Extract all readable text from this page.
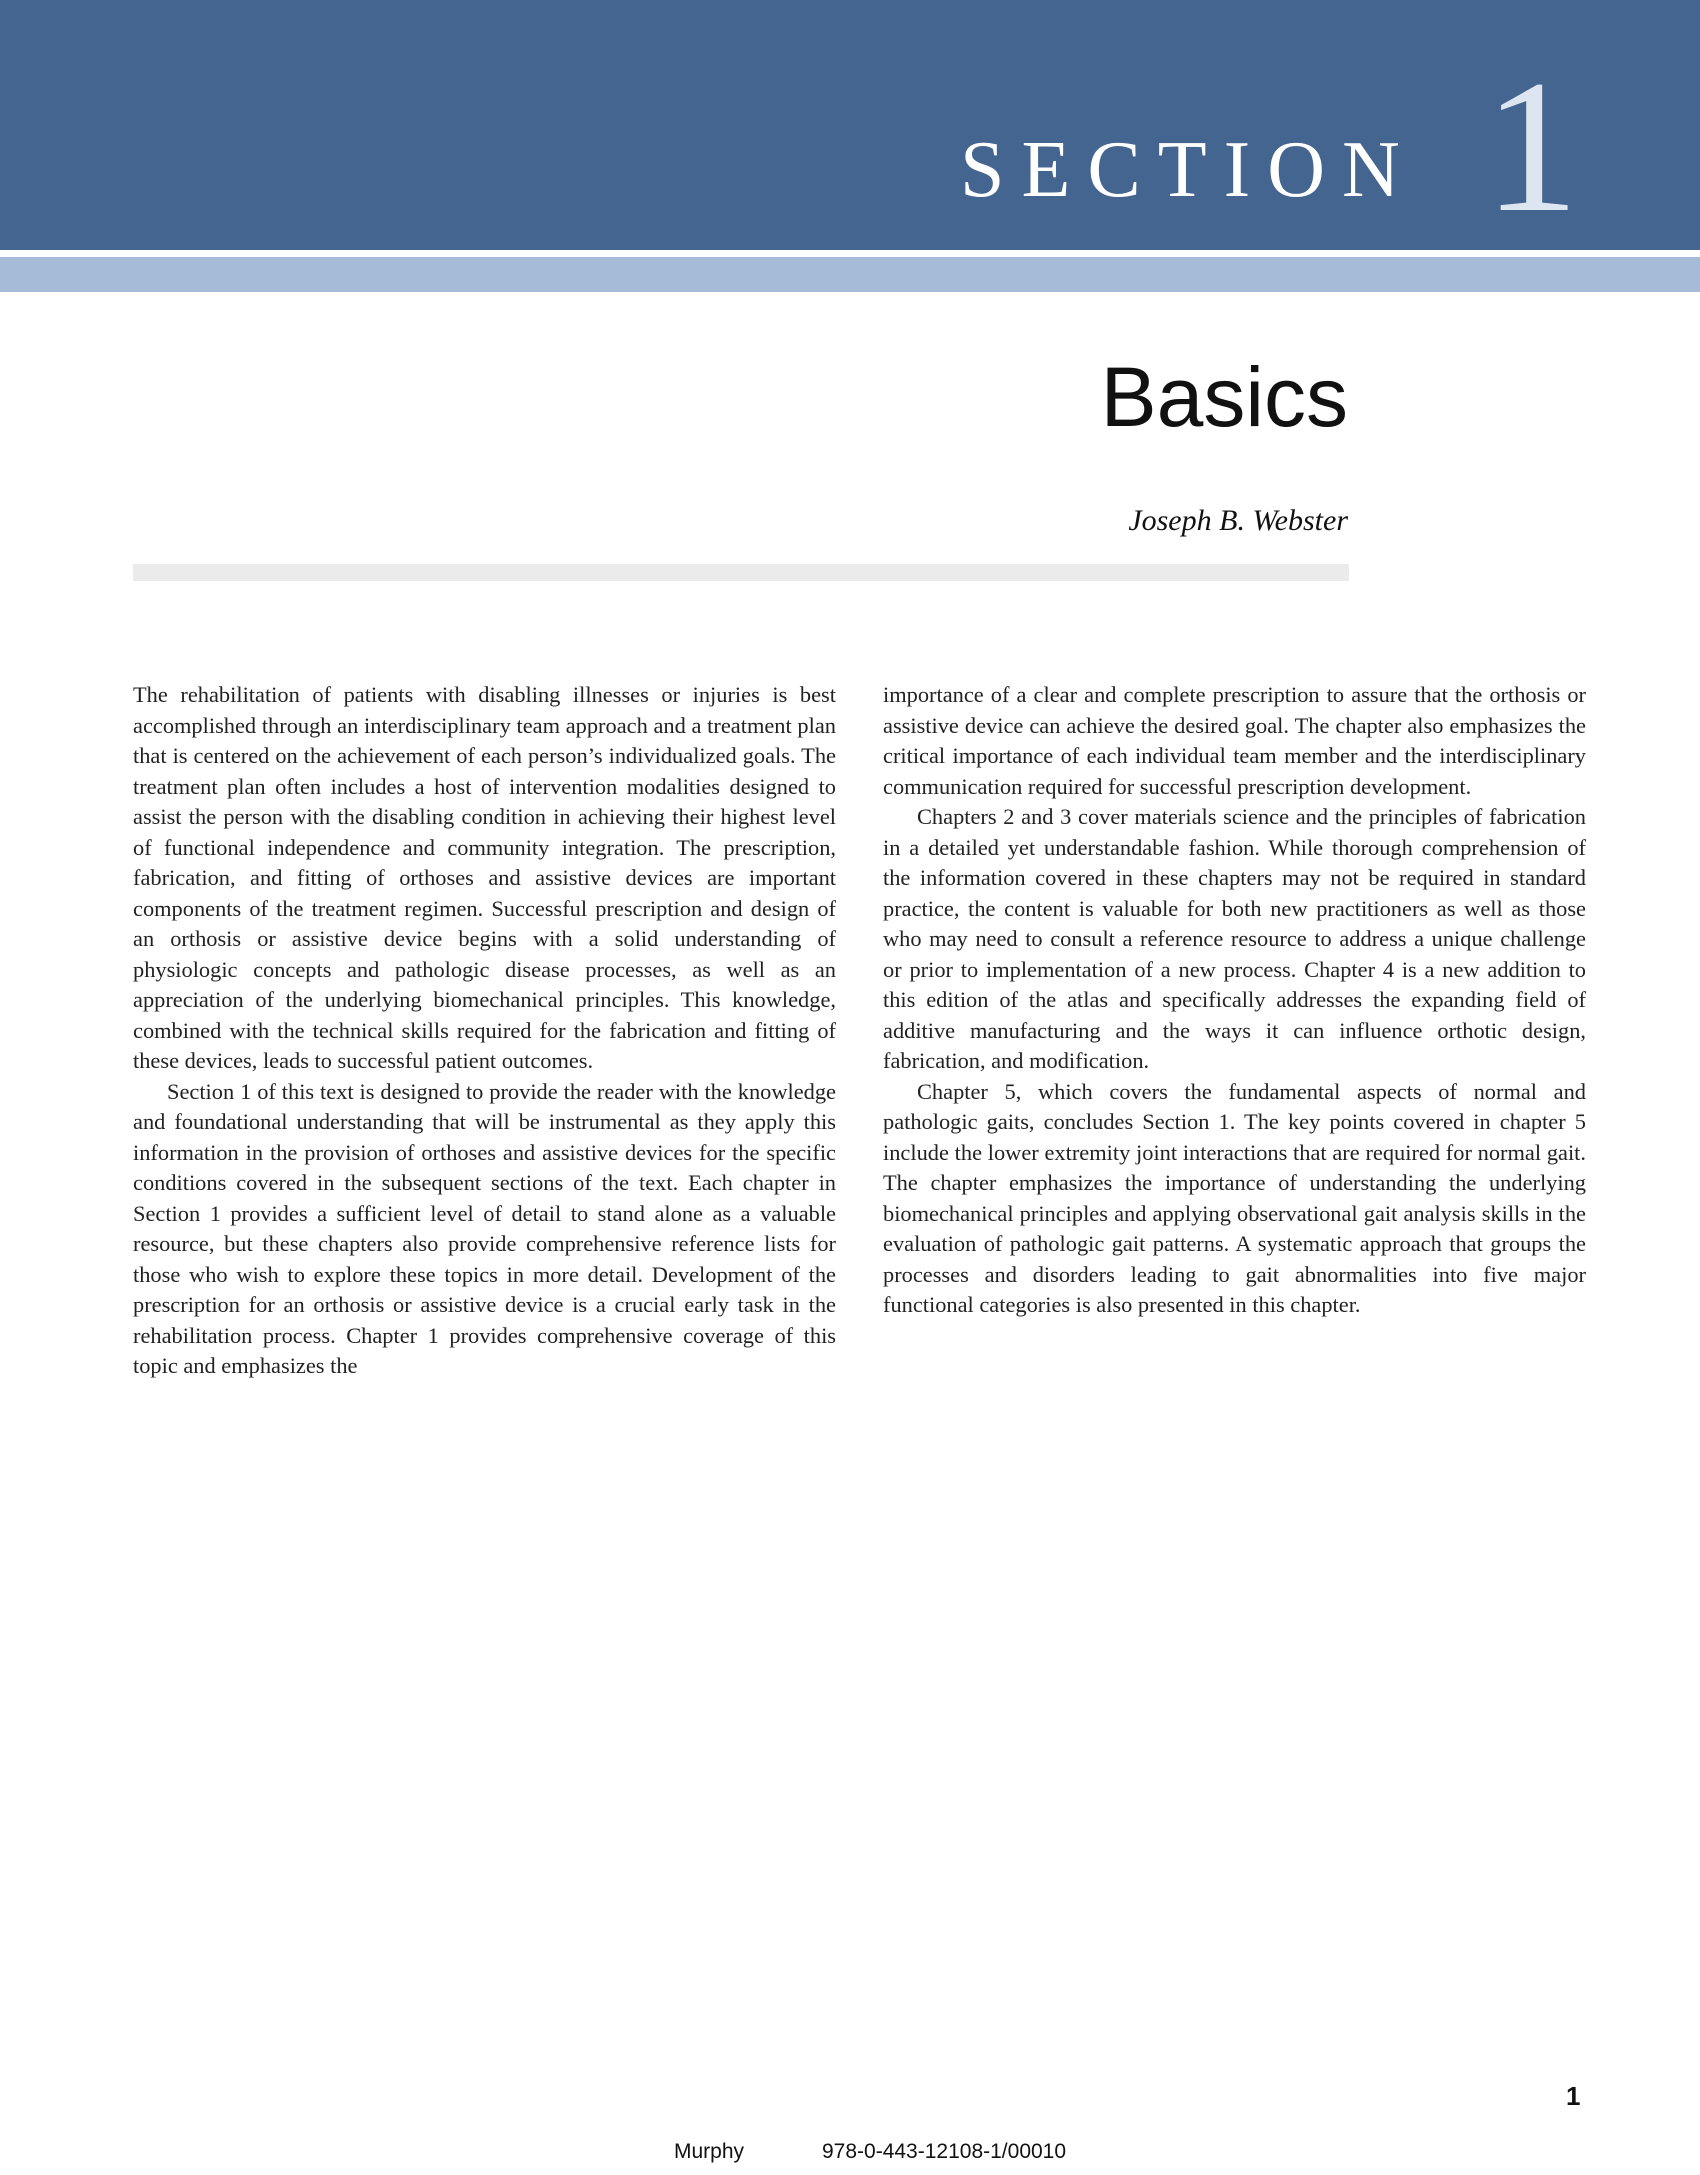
SECTION 1
Basics
Joseph B. Webster

The rehabilitation of patients with disabling illnesses or injuries is best accomplished through an interdisciplinary team approach and a treatment plan that is centered on the achievement of each person’s individualized goals. The treatment plan often includes a host of intervention modalities designed to assist the person with the disabling condition in achieving their highest level of functional independence and community integration. The prescription, fabrication, and fitting of orthoses and assistive devices are important components of the treatment regimen. Successful prescription and design of an orthosis or assistive device begins with a solid understanding of physiologic concepts and pathologic disease processes, as well as an appreciation of the underlying biomechanical principles. This knowledge, combined with the technical skills required for the fabrication and fitting of these devices, leads to successful patient outcomes.

Section 1 of this text is designed to provide the reader with the knowledge and foundational understanding that will be instrumental as they apply this information in the provision of orthoses and assistive devices for the specific conditions covered in the subsequent sections of the text. Each chapter in Section 1 provides a sufficient level of detail to stand alone as a valuable resource, but these chapters also provide comprehensive reference lists for those who wish to explore these topics in more detail. Development of the prescription for an orthosis or assistive device is a crucial early task in the rehabilitation process. Chapter 1 provides comprehensive coverage of this topic and emphasizes the

importance of a clear and complete prescription to assure that the orthosis or assistive device can achieve the desired goal. The chapter also emphasizes the critical importance of each individual team member and the interdisciplinary communication required for successful prescription development.

Chapters 2 and 3 cover materials science and the principles of fabrication in a detailed yet understandable fashion. While thorough comprehension of the information covered in these chapters may not be required in standard practice, the content is valuable for both new practitioners as well as those who may need to consult a reference resource to address a unique challenge or prior to implementation of a new process. Chapter 4 is a new addition to this edition of the atlas and specifically addresses the expanding field of additive manufacturing and the ways it can influence orthotic design, fabrication, and modification.

Chapter 5, which covers the fundamental aspects of normal and pathologic gaits, concludes Section 1. The key points covered in chapter 5 include the lower extremity joint interactions that are required for normal gait. The chapter emphasizes the importance of understanding the underlying biomechanical principles and applying observational gait analysis skills in the evaluation of pathologic gait patterns. A systematic approach that groups the processes and disorders leading to gait abnormalities into five major functional categories is also presented in this chapter.

1
Murphy	978-0-443-12108-1/00010
